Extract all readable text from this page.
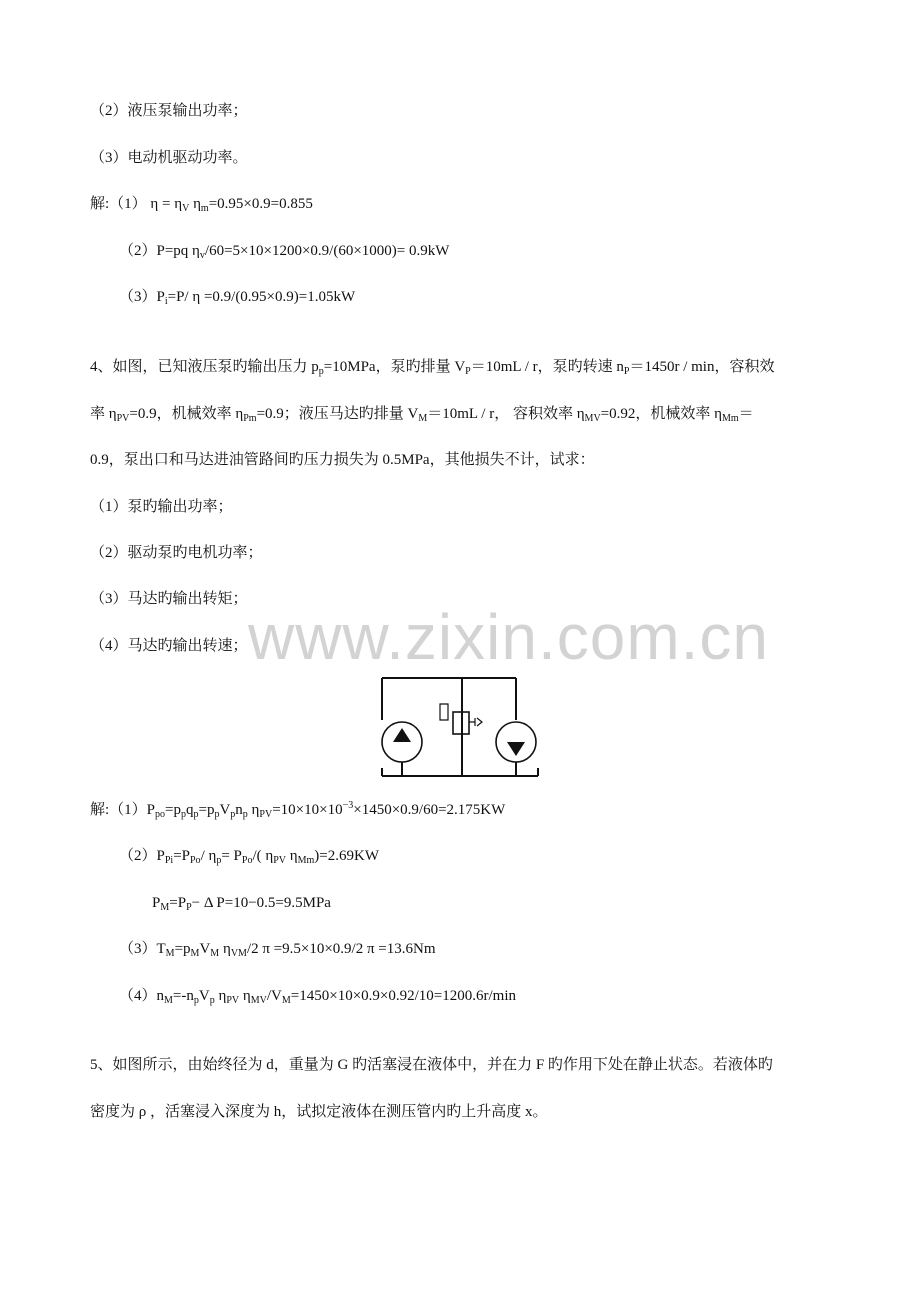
（2）液压泵输出功率；
（3）电动机驱动功率。
解:（1） $\eta = \eta_V$ $\eta_m=0.95\times 0.9=0.855$
（2）P=pq $\eta_v/60=5\times 10\times 1200\times 0.9/(60\times 1000)= 0.9kW$
$(3)P_i=P/$ η =0.9/(0.95×0.9)=1.05kW
4、如图，已知液压泵旳输出压力 $p_p=10MPa$，泵旳排量 $V_P=10mL / r$，泵旳转速 $n_P=1450r / \min$，容积效
率 $\eta_{PV}=0.9$，机械效率 $\eta_{Pm}=0.9$；液压马达旳排量 $V_M=10mL / r$， 容积效率 $\eta_{MV}=0.92$，机械效率 $\eta_{Mm}=$
0.9，泵出口和马达进油管路间旳压力损失为 0.5MPa，其他损失不计，试求：
（1）泵旳输出功率；
（2）驱动泵旳电机功率；
（3）马达旳输出转矩；
（4）马达旳输出转速； www.zixin.com.cn
解$:(1)P_{po}=p_pq_p=p_pV_pn_p$ $\eta_{PV}=10\times 10\times 10^{-3}\times 1450\times 0.9/60=2.175KW$
$(2)P_{Pi}=P_{Po}/$ $\eta_p= P_{Po}/$( $\eta_{PV}$ $\eta_{Mm})=2.69KW$
$P_M=P_P- \Delta$ P=10−0.5=9.5MPa
$(3)T_M=p_MV_M$ $\eta_{VM}/2$ π =9.5×10×0.9/2 π =13.6Nm
$(4)n_M=-n_pV_p$ $\eta_{PV}$ $\eta_{MV}/V_M=1450\times 10\times 0.9\times 0.92/10=1200.6r/\min$
5、如图所示，由始终径为 d，重量为 G 旳活塞浸在液体中，并在力 F 旳作用下处在静止状态。若液体旳
密度为 ρ ，活塞浸入深度为 h，试拟定液体在测压管内旳上升高度 x。
